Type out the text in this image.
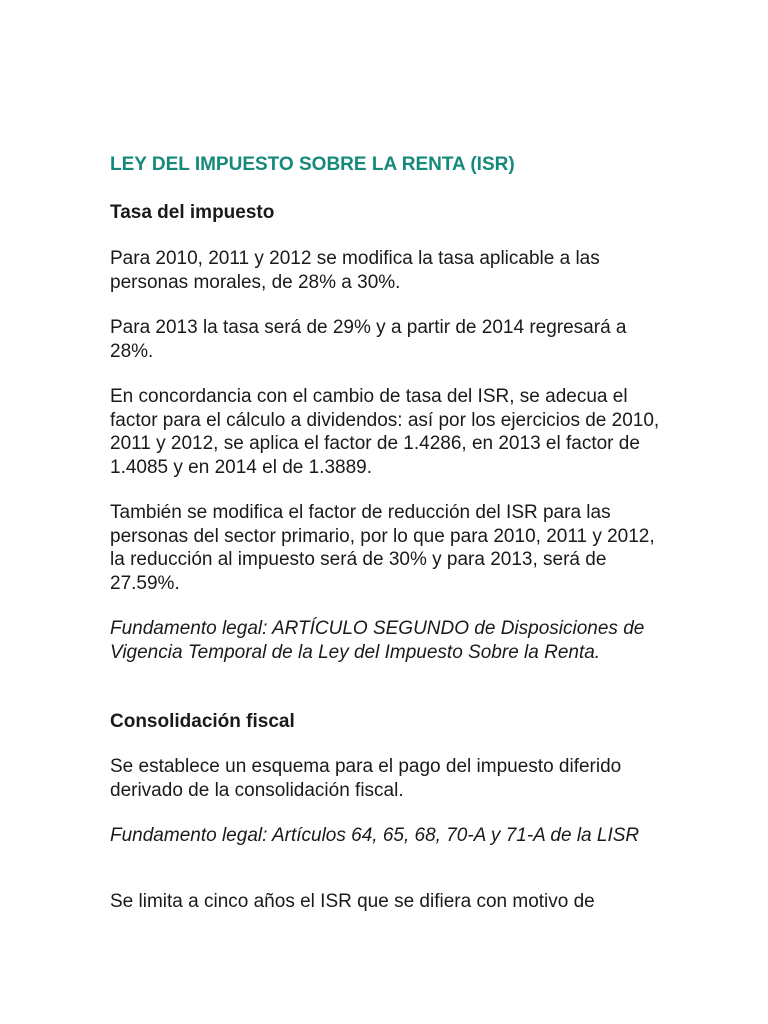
LEY DEL IMPUESTO SOBRE LA RENTA (ISR)
Tasa del impuesto

Para 2010, 2011 y 2012 se modifica la tasa aplicable a las personas morales, de 28% a 30%.

Para 2013 la tasa será de 29% y a partir de 2014 regresará a 28%.

En concordancia con el cambio de tasa del ISR, se adecua el factor para el cálculo a dividendos: así por los ejercicios de 2010, 2011 y 2012, se aplica el factor de 1.4286, en 2013 el factor de 1.4085 y en 2014 el de 1.3889.

También se modifica el factor de reducción del ISR para las personas del sector primario, por lo que para 2010, 2011 y 2012, la reducción al impuesto será de 30% y para 2013, será de 27.59%.

Fundamento legal: ARTÍCULO SEGUNDO de Disposiciones de Vigencia Temporal de la Ley del Impuesto Sobre la Renta.

Consolidación fiscal

Se establece un esquema para el pago del impuesto diferido derivado de la consolidación fiscal.

Fundamento legal: Artículos 64, 65, 68, 70-A y 71-A de la LISR

Se limita a cinco años el ISR que se difiera con motivo de
